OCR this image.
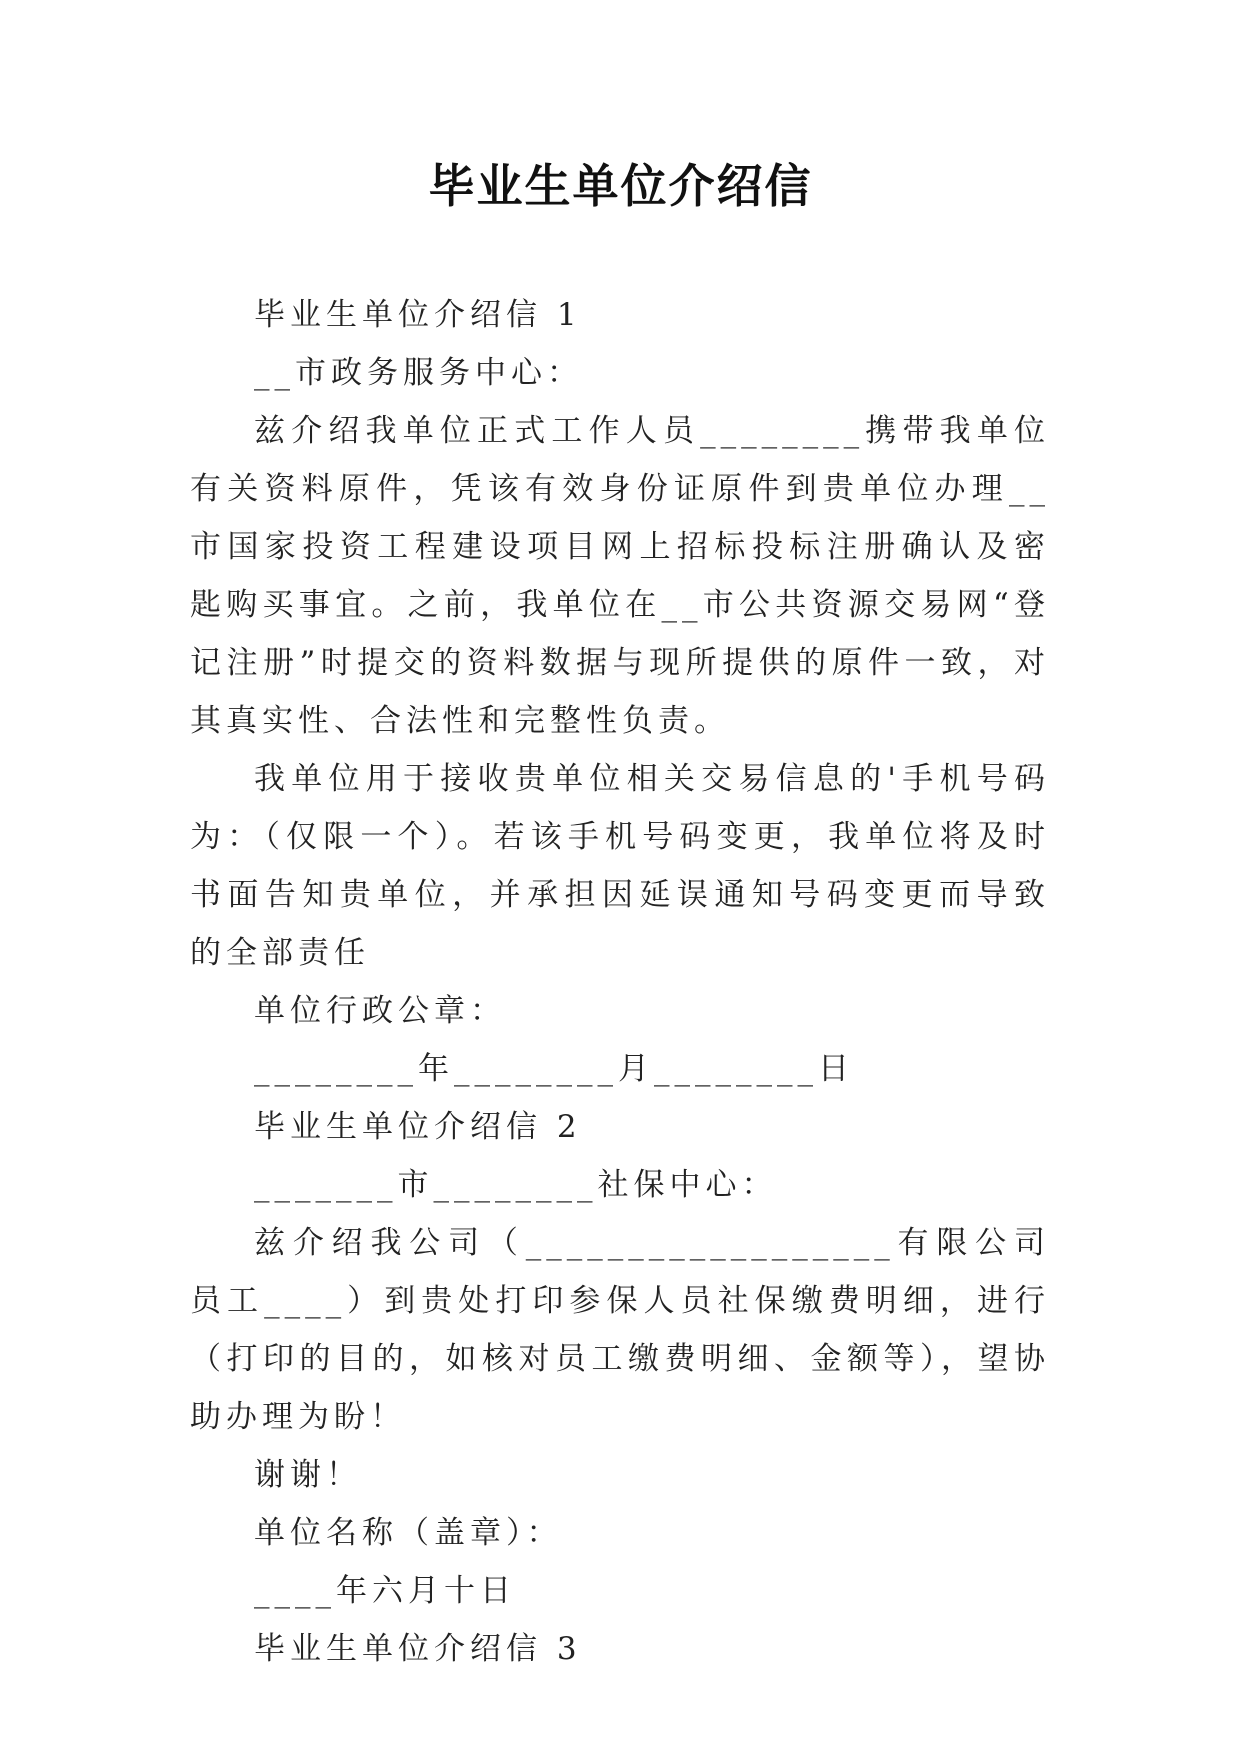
毕业生单位介绍信

毕业生单位介绍信 1

__市政务服务中心：

兹介绍我单位正式工作人员________携带我单位有关资料原件，凭该有效身份证原件到贵单位办理__市国家投资工程建设项目网上招标投标注册确认及密匙购买事宜。之前，我单位在__市公共资源交易网“登记注册”时提交的资料数据与现所提供的原件一致，对其真实性、合法性和完整性负责。

我单位用于接收贵单位相关交易信息的'手机号码为：（仅限一个）。若该手机号码变更，我单位将及时书面告知贵单位，并承担因延误通知号码变更而导致的全部责任

单位行政公章：

________年________月________日

毕业生单位介绍信 2

_______市________社保中心：

兹介绍我公司（__________________有限公司员工____）到贵处打印参保人员社保缴费明细，进行（打印的目的，如核对员工缴费明细、金额等），望协助办理为盼！

谢谢！

单位名称（盖章）：

____年六月十日

毕业生单位介绍信 3
